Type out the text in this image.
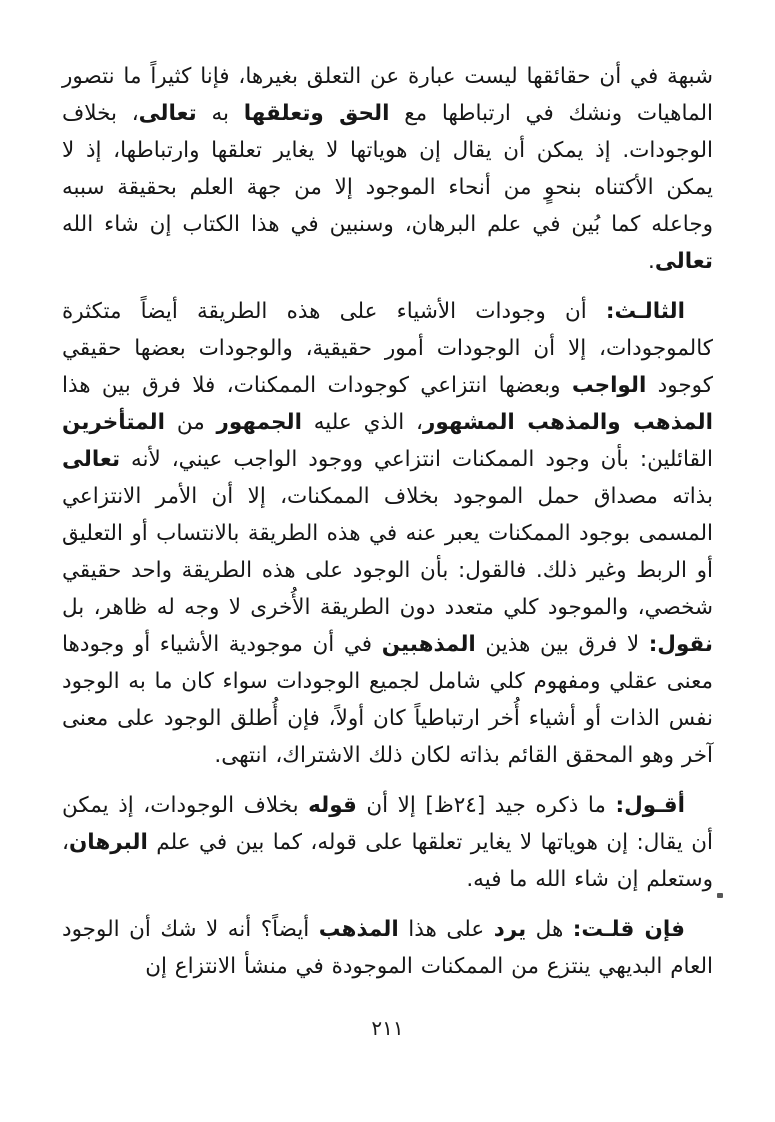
شبهة في أن حقائقها ليست عبارة عن التعلق بغيرها، فإنا كثيراً ما نتصور الماهيات ونشك في ارتباطها مع الحق وتعلقها به تعالى، بخلاف الوجودات. إذ يمكن أن يقال إن هوياتها لا يغاير تعلقها وارتباطها، إذ لا يمكن الأكتناه بنحوٍ من أنحاء الموجود إلا من جهة العلم بحقيقة سببه وجاعله كما بُين في علم البرهان، وسنبين في هذا الكتاب إن شاء الله تعالى.

الثالـث: أن وجودات الأشياء على هذه الطريقة أيضاً متكثرة كالموجودات، إلا أن الوجودات أمور حقيقية، والوجودات بعضها حقيقي كوجود الواجب وبعضها انتزاعي كوجودات الممكنات، فلا فرق بين هذا المذهب والمذهب المشهور، الذي عليه الجمهور من المتأخرين القائلين: بأن وجود الممكنات انتزاعي ووجود الواجب عيني، لأنه تعالى بذاته مصداق حمل الموجود بخلاف الممكنات، إلا أن الأمر الانتزاعي المسمى بوجود الممكنات يعبر عنه في هذه الطريقة بالانتساب أو التعليق أو الربط وغير ذلك. فالقول: بأن الوجود على هذه الطريقة واحد حقيقي شخصي، والموجود كلي متعدد دون الطريقة الأُخرى لا وجه له ظاهر، بل نقول: لا فرق بين هذين المذهبين في أن موجودية الأشياء أو وجودها معنى عقلي ومفهوم كلي شامل لجميع الوجودات سواء كان ما به الوجود نفس الذات أو أشياء أُخر ارتباطياً كان أولاً، فإن أُطلق الوجود على معنى آخر وهو المحقق القائم بذاته لكان ذلك الاشتراك، انتهى.

أقـول: ما ذكره جيد [٢٤ظ] إلا أن قوله بخلاف الوجودات، إذ يمكن أن يقال: إن هوياتها لا يغاير تعلقها على قوله، كما بين في علم البرهان، وستعلم إن شاء الله ما فيه.

فإن قلـت: هل يرد على هذا المذهب أيضاً؟ أنه لا شك أن الوجود العام البديهي ينتزع من الممكنات الموجودة في منشأ الانتزاع إن

٢١١
